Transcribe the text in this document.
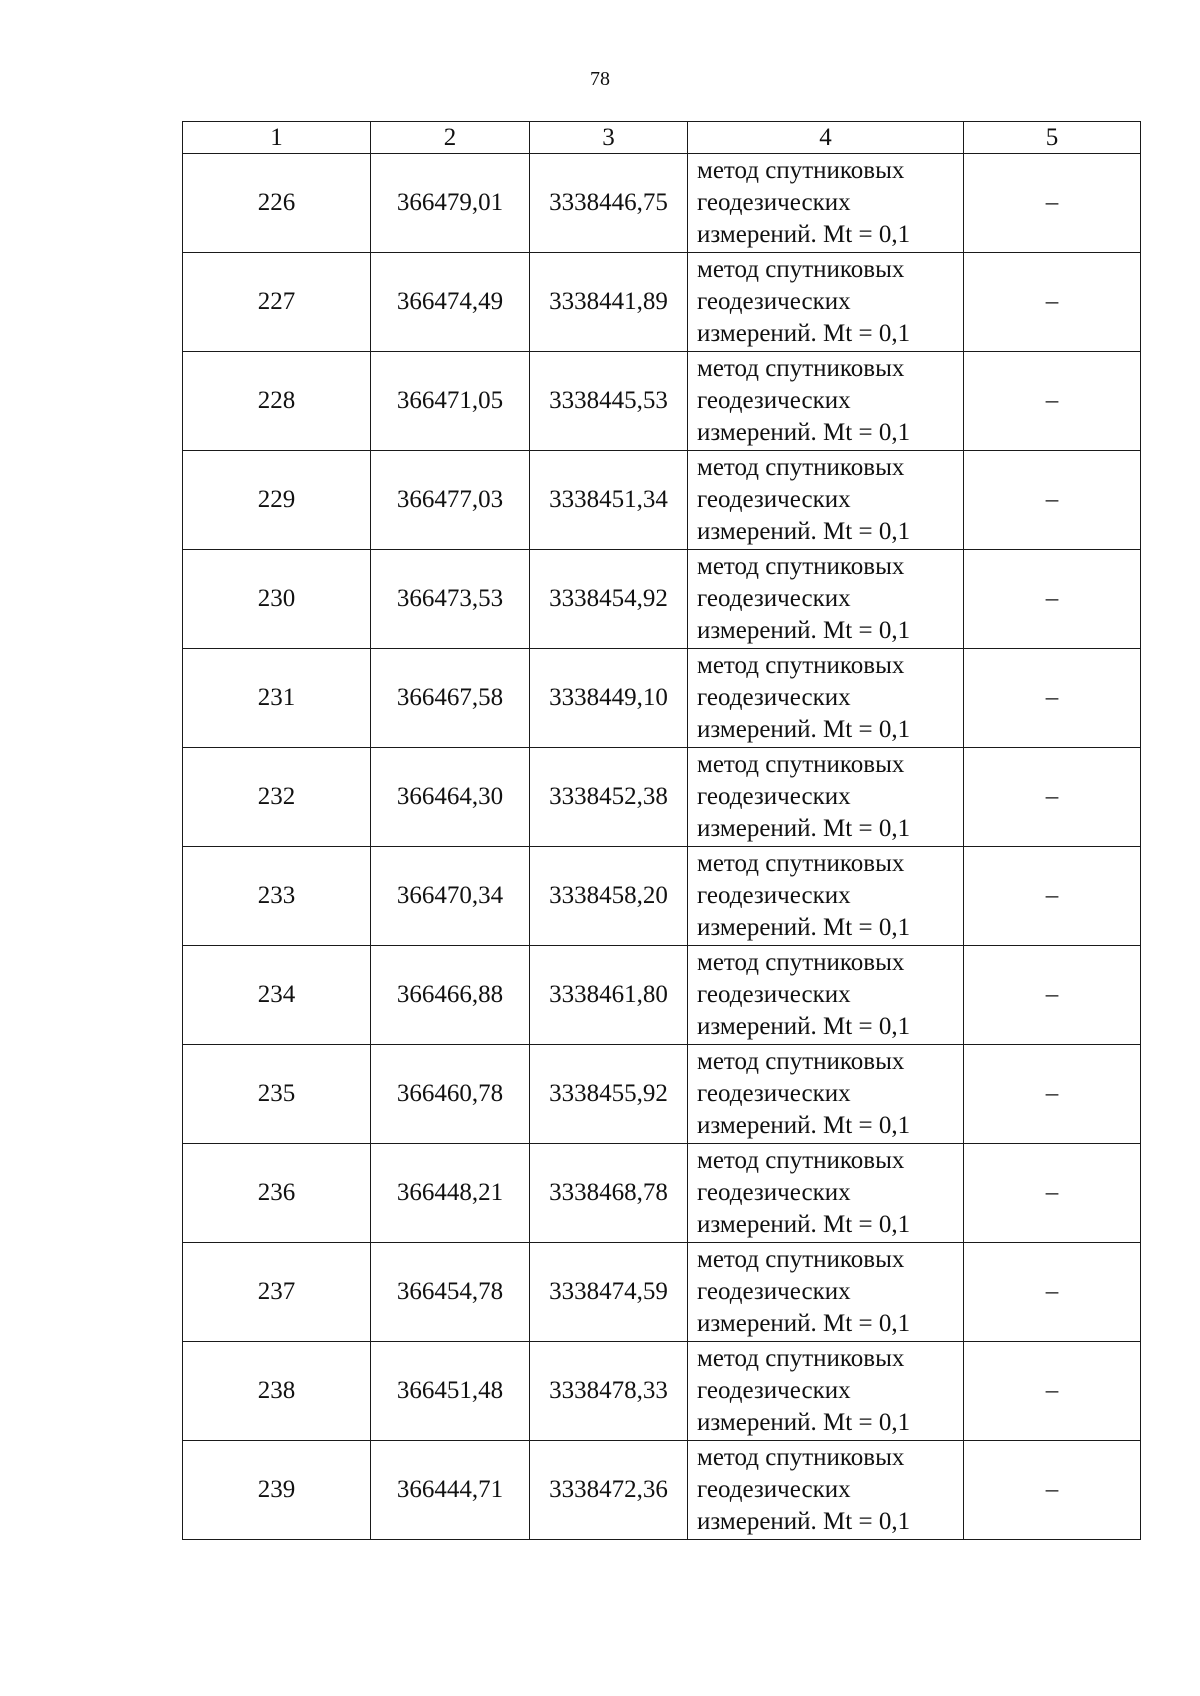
78
1	2	3	4	5
226	366479,01	3338446,75	метод спутниковых
геодезических
измерений. Mt = 0,1	–
227	366474,49	3338441,89	метод спутниковых
геодезических
измерений. Mt = 0,1	–
228	366471,05	3338445,53	метод спутниковых
геодезических
измерений. Mt = 0,1	–
229	366477,03	3338451,34	метод спутниковых
геодезических
измерений. Mt = 0,1	–
230	366473,53	3338454,92	метод спутниковых
геодезических
измерений. Mt = 0,1	–
231	366467,58	3338449,10	метод спутниковых
геодезических
измерений. Mt = 0,1	–
232	366464,30	3338452,38	метод спутниковых
геодезических
измерений. Mt = 0,1	–
233	366470,34	3338458,20	метод спутниковых
геодезических
измерений. Mt = 0,1	–
234	366466,88	3338461,80	метод спутниковых
геодезических
измерений. Mt = 0,1	–
235	366460,78	3338455,92	метод спутниковых
геодезических
измерений. Mt = 0,1	–
236	366448,21	3338468,78	метод спутниковых
геодезических
измерений. Mt = 0,1	–
237	366454,78	3338474,59	метод спутниковых
геодезических
измерений. Mt = 0,1	–
238	366451,48	3338478,33	метод спутниковых
геодезических
измерений. Mt = 0,1	–
239	366444,71	3338472,36	метод спутниковых
геодезических
измерений. Mt = 0,1	–
